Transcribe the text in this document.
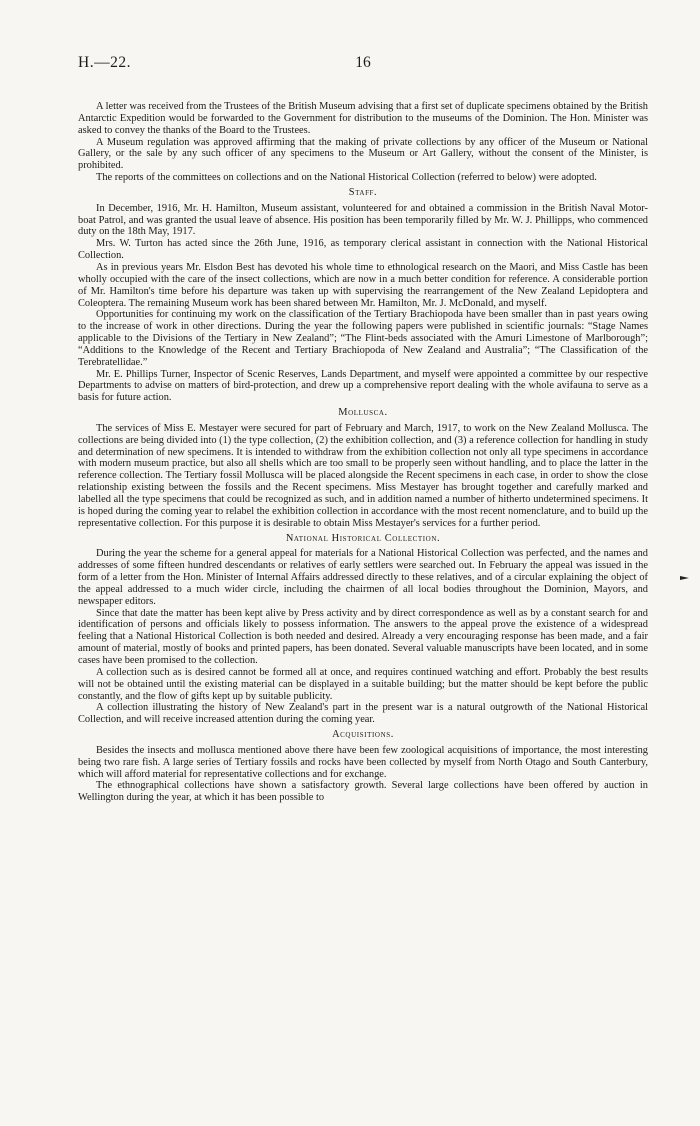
H.—22.	16

A letter was received from the Trustees of the British Museum advising that a first set of duplicate specimens obtained by the British Antarctic Expedition would be forwarded to the Government for distribution to the museums of the Dominion. The Hon. Minister was asked to convey the thanks of the Board to the Trustees.

A Museum regulation was approved affirming that the making of private collections by any officer of the Museum or National Gallery, or the sale by any such officer of any specimens to the Museum or Art Gallery, without the consent of the Minister, is prohibited.

The reports of the committees on collections and on the National Historical Collection (referred to below) were adopted.

Staff.

In December, 1916, Mr. H. Hamilton, Museum assistant, volunteered for and obtained a commission in the British Naval Motor-boat Patrol, and was granted the usual leave of absence. His position has been temporarily filled by Mr. W. J. Phillipps, who commenced duty on the 18th May, 1917.

Mrs. W. Turton has acted since the 26th June, 1916, as temporary clerical assistant in connection with the National Historical Collection.

As in previous years Mr. Elsdon Best has devoted his whole time to ethnological research on the Maori, and Miss Castle has been wholly occupied with the care of the insect collections, which are now in a much better condition for reference. A considerable portion of Mr. Hamilton's time before his departure was taken up with supervising the rearrangement of the New Zealand Lepidoptera and Coleoptera. The remaining Museum work has been shared between Mr. Hamilton, Mr. J. McDonald, and myself.

Opportunities for continuing my work on the classification of the Tertiary Brachiopoda have been smaller than in past years owing to the increase of work in other directions. During the year the following papers were published in scientific journals: “Stage Names applicable to the Divisions of the Tertiary in New Zealand”; “The Flint-beds associated with the Amuri Limestone of Marlborough”; “Additions to the Knowledge of the Recent and Tertiary Brachiopoda of New Zealand and Australia”; “The Classification of the Terebratellidae.”

Mr. E. Phillips Turner, Inspector of Scenic Reserves, Lands Department, and myself were appointed a committee by our respective Departments to advise on matters of bird-protection, and drew up a comprehensive report dealing with the whole avifauna to serve as a basis for future action.

Mollusca.

The services of Miss E. Mestayer were secured for part of February and March, 1917, to work on the New Zealand Mollusca. The collections are being divided into (1) the type collection, (2) the exhibition collection, and (3) a reference collection for handling in study and determination of new specimens. It is intended to withdraw from the exhibition collection not only all type specimens in accordance with modern museum practice, but also all shells which are too small to be properly seen without handling, and to place the latter in the reference collection. The Tertiary fossil Mollusca will be placed alongside the Recent specimens in each case, in order to show the close relationship existing between the fossils and the Recent specimens. Miss Mestayer has brought together and carefully marked and labelled all the type specimens that could be recognized as such, and in addition named a number of hitherto undetermined specimens. It is hoped during the coming year to relabel the exhibition collection in accordance with the most recent nomenclature, and to build up the representative collection. For this purpose it is desirable to obtain Miss Mestayer's services for a further period.

National Historical Collection.

During the year the scheme for a general appeal for materials for a National Historical Collection was perfected, and the names and addresses of some fifteen hundred descendants or relatives of early settlers were searched out. In February the appeal was issued in the form of a letter from the Hon. Minister of Internal Affairs addressed directly to these relatives, and of a circular explaining the object of the appeal addressed to a much wider circle, including the chairmen of all local bodies throughout the Dominion, Mayors, and newspaper editors.

Since that date the matter has been kept alive by Press activity and by direct correspondence as well as by a constant search for and identification of persons and officials likely to possess information. The answers to the appeal prove the existence of a widespread feeling that a National Historical Collection is both needed and desired. Already a very encouraging response has been made, and a fair amount of material, mostly of books and printed papers, has been donated. Several valuable manuscripts have been located, and in some cases have been promised to the collection.

A collection such as is desired cannot be formed all at once, and requires continued watching and effort. Probably the best results will not be obtained until the existing material can be displayed in a suitable building; but the matter should be kept before the public constantly, and the flow of gifts kept up by suitable publicity.

A collection illustrating the history of New Zealand's part in the present war is a natural outgrowth of the National Historical Collection, and will receive increased attention during the coming year.

Acquisitions.

Besides the insects and mollusca mentioned above there have been few zoological acquisitions of importance, the most interesting being two rare fish. A large series of Tertiary fossils and rocks have been collected by myself from North Otago and South Canterbury, which will afford material for representative collections and for exchange.

The ethnographical collections have shown a satisfactory growth. Several large collections have been offered by auction in Wellington during the year, at which it has been possible to
